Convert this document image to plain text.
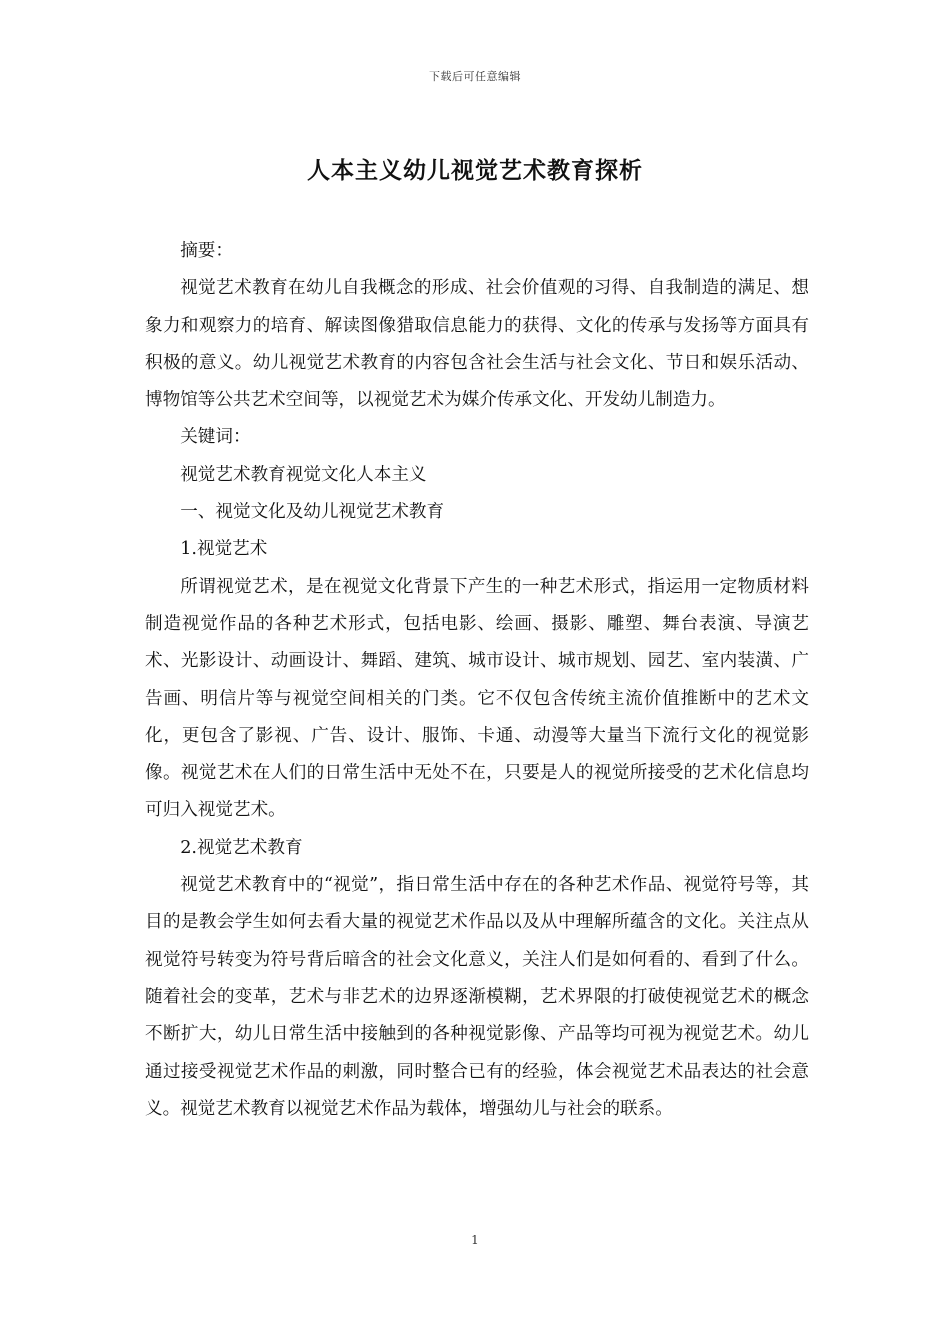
下载后可任意编辑
人本主义幼儿视觉艺术教育探析

摘要：

视觉艺术教育在幼儿自我概念的形成、社会价值观的习得、自我制造的满足、想象力和观察力的培育、解读图像猎取信息能力的获得、文化的传承与发扬等方面具有积极的意义。幼儿视觉艺术教育的内容包含社会生活与社会文化、节日和娱乐活动、博物馆等公共艺术空间等，以视觉艺术为媒介传承文化、开发幼儿制造力。

关键词：

视觉艺术教育视觉文化人本主义

一、视觉文化及幼儿视觉艺术教育

1.视觉艺术

所谓视觉艺术，是在视觉文化背景下产生的一种艺术形式，指运用一定物质材料制造视觉作品的各种艺术形式，包括电影、绘画、摄影、雕塑、舞台表演、导演艺术、光影设计、动画设计、舞蹈、建筑、城市设计、城市规划、园艺、室内装潢、广告画、明信片等与视觉空间相关的门类。它不仅包含传统主流价值推断中的艺术文化，更包含了影视、广告、设计、服饰、卡通、动漫等大量当下流行文化的视觉影像。视觉艺术在人们的日常生活中无处不在，只要是人的视觉所接受的艺术化信息均可归入视觉艺术。

2.视觉艺术教育

视觉艺术教育中的“视觉”，指日常生活中存在的各种艺术作品、视觉符号等，其目的是教会学生如何去看大量的视觉艺术作品以及从中理解所蕴含的文化。关注点从视觉符号转变为符号背后暗含的社会文化意义，关注人们是如何看的、看到了什么。随着社会的变革，艺术与非艺术的边界逐渐模糊，艺术界限的打破使视觉艺术的概念不断扩大，幼儿日常生活中接触到的各种视觉影像、产品等均可视为视觉艺术。幼儿通过接受视觉艺术作品的刺激，同时整合已有的经验，体会视觉艺术品表达的社会意义。视觉艺术教育以视觉艺术作品为载体，增强幼儿与社会的联系。

1
